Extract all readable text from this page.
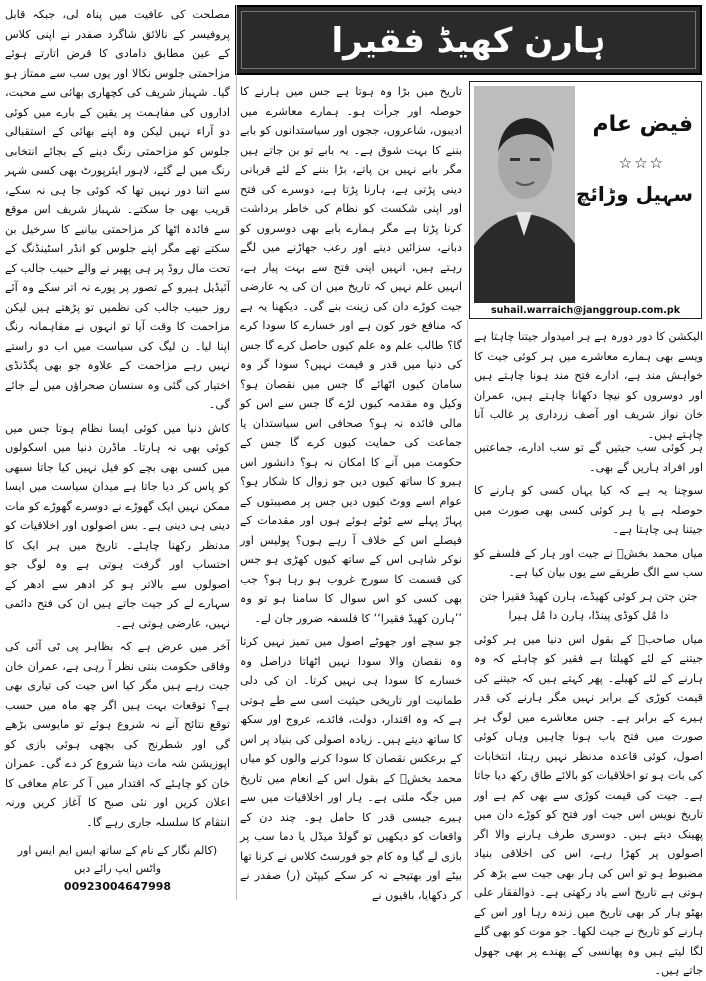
ہارن کھیڈ فقیرا
فیض عام
☆☆☆
سہیل وڑائچ
suhail.warraich@janggroup.com.pk

الیکشن کا دور دورہ ہے ہر امیدوار جیتنا چاہتا ہے ویسے بھی ہمارے معاشرے میں ہر کوئی جیت کا خواہش مند ہے، ادارے فتح مند ہونا چاہتے ہیں اور دوسروں کو نیچا دکھانا چاہتے ہیں، عمران خان نواز شریف اور آصف زرداری پر غالب آنا چاہتے ہیں۔

ہر کوئی سب جیتیں گے تو سب ادارے، جماعتیں اور افراد ہاریں گے بھی۔

سوچنا یہ ہے کہ کیا یہاں کسی کو ہارنے کا حوصلہ ہے یا ہر کوئی کسی بھی صورت میں جیتنا ہی چاہتا ہے۔

میاں محمد بخشؒ نے جیت اور ہار کے فلسفے کو سب سے الگ طریقے سے یوں بیان کیا ہے۔

جتن جتن ہر کوئی کھیڈے، ہارن کھیڈ فقیرا جتن دا مُل کوڈی پینڈا، ہارن دا مُل ہیرا

میاں صاحبؒ کے بقول اس دنیا میں ہر کوئی جیتنے کے لئے کھیلتا ہے فقیر کو چاہئے کہ وہ ہارنے کے لئے کھیلے۔ پھر کہتے ہیں کہ جیتنے کی قیمت کوڑی کے برابر نہیں مگر ہارنے کی قدر ہیرے کے برابر ہے۔ جس معاشرے میں لوگ ہر صورت میں فتح یاب ہونا چاہیں وہاں کوئی اصول، کوئی قاعدہ مدنظر نہیں رہتا، انتخابات کی بات ہو تو اخلاقیات کو بالائے طاق رکھ دیا جاتا ہے۔ جیت کی قیمت کوڑی سے بھی کم ہے اور تاریخ نویس اس جیت اور فتح کو کوڑے دان میں پھینک دیتے ہیں۔ دوسری طرف ہارنے والا اگر اصولوں پر کھڑا رہے، اس کی اخلاقی بنیاد مضبوط ہو تو اس کی ہار بھی جیت سے بڑھ کر ہوتی ہے تاریخ اسے یاد رکھتی ہے۔ ذوالفقار علی بھٹو ہار کر بھی تاریخ میں زندہ رہا اور اس کے ہارنے کو تاریخ نے جیت لکھا۔ جو موت کو بھی گلے لگا لیتے ہیں وہ پھانسی کے پھندے پر بھی جھول جاتے ہیں۔

تاریخ میں بڑا وہ ہوتا ہے جس میں ہارنے کا حوصلہ اور جرأت ہو۔ ہمارے معاشرے میں ادیبوں، شاعروں، ججوں اور سیاستدانوں کو بابے بننے کا بہت شوق ہے۔ یہ بابے تو بن جاتے ہیں مگر بابے نہیں بن پاتے، بڑا بننے کے لئے قربانی دینی پڑتی ہے، ہارنا پڑتا ہے، دوسرے کی فتح اور اپنی شکست کو نظام کی خاطر برداشت کرنا پڑتا ہے مگر ہمارے بابے بھی دوسروں کو دبانے، سزائیں دینے اور رعب جھاڑنے میں لگے رہتے ہیں، انہیں اپنی فتح سے بہت پیار ہے، انہیں علم نہیں کہ تاریخ میں ان کی یہ عارضی جیت کوڑے دان کی زینت بنے گی۔ دیکھنا یہ ہے کہ منافع خور کون ہے اور خسارے کا سودا کرے گا؟ طالب علم وہ علم کیوں حاصل کرے گا جس کی دنیا میں قدر و قیمت نہیں؟ سودا گر وہ سامان کیوں اٹھائے گا جس میں نقصان ہو؟ وکیل وہ مقدمہ کیوں لڑے گا جس سے اس کو مالی فائدہ نہ ہو؟ صحافی اس سیاستدان یا جماعت کی حمایت کیوں کرے گا جس کے حکومت میں آنے کا امکان نہ ہو؟ دانشور اس ہیرو کا ساتھ کیوں دیں جو زوال کا شکار ہو؟ عوام اسے ووٹ کیوں دیں جس پر مصیبتوں کے پہاڑ پہلے سے ٹوٹے ہوئے ہوں اور مقدمات کے فیصلے اس کے خلاف آ رہے ہوں؟ پولیس اور نوکر شاہی اس کے ساتھ کیوں کھڑی ہو جس کی قسمت کا سورج غروب ہو رہا ہو؟ جب بھی کسی کو اس سوال کا سامنا ہو تو وہ ’’ہارن کھیڈ فقیرا‘‘ کا فلسفہ ضرور جان لے۔

جو سچے اور جھوٹے اصول میں تمیز نہیں کرتا وہ نقصان والا سودا نہیں اٹھاتا دراصل وہ خسارے کا سودا ہی نہیں کرتا۔ ان کی دلی طمانیت اور تاریخی حیثیت اسی سے طے ہوتی ہے کہ وہ اقتدار، دولت، فائدے، عروج اور سکھ کا ساتھ دیتے ہیں۔ زیادہ اصولی کی بنیاد پر اس کے برعکس نقصان کا سودا کرنے والوں کو میاں محمد بخشؒ کے بقول اس کے انعام میں تاریخ میں جگہ ملتی ہے۔ ہار اور اخلاقیات میں سے ہیرے جیسی قدر کا حامل ہو۔ چند دن کے واقعات کو دیکھیں تو گولڈ میڈل یا دما سب پر بازی لے گیا وہ کام جو فورسٹ کلاس نے کرنا تھا بیٹے اور بھتیجے نہ کر سکے کیپٹن (ر) صفدر نے کر دکھایا، باقیوں نے

مصلحت کی عافیت میں پناہ لی، جبکہ قابل پروفیسر کے نالائق شاگرد صفدر نے اپنی کلاس کے عین مطابق دامادی کا قرض اتارتے ہوئے مزاحمتی جلوس نکالا اور یوں سب سے ممتاز ہو گیا۔ شہباز شریف کی کچھاری بھائی سے محبت، اداروں کی مفاہمت پر یقین کے بارے میں کوئی دو آراء نہیں لیکن وہ اپنے بھائی کے استقبالی جلوس کو مزاحمتی رنگ دینے کے بجائے انتخابی رنگ میں لے گئے، لاہور ایئرپورٹ بھی کسی شہر سے اتنا دور نہیں تھا کہ کوئی جا ہی نہ سکے، قریب بھی جا سکتے۔ شہباز شریف اس موقع سے فائدہ اٹھا کر مزاحمتی بیانیے کا سرخیل بن سکتے تھے مگر اپنے جلوس کو انڈر اسٹینڈنگ کے تحت مال روڈ پر ہی پھیر نے والے حبیب جالب کے آئیڈیل ہیرو کے تصور پر پورے نہ اتر سکے وہ آئے روز حبیب جالب کی نظمیں تو پڑھتے ہیں لیکن مزاحمت کا وقت آیا تو انہوں نے مفاہمانہ رنگ اپنا لیا۔ ن لیگ کی سیاست میں اب دو راستے نہیں رہے مزاحمت کے علاوہ جو بھی پگڈنڈی اختیار کی گئی وہ سنسان صحراؤں میں لے جائے گی۔

کاش دنیا میں کوئی ایسا نظام ہوتا جس میں کوئی بھی نہ ہارتا۔ ماڈرن دنیا میں اسکولوں میں کسی بھی بچے کو فیل نہیں کیا جاتا سبھی کو پاس کر دیا جاتا ہے میدان سیاست میں ایسا ممکن نہیں ایک گھوڑے نے دوسرے گھوڑے کو مات دینی ہی دینی ہے۔ بس اصولوں اور اخلاقیات کو مدنظر رکھنا چاہئے۔ تاریخ میں ہر ایک کا احتساب اور گرفت ہوتی ہے وہ لوگ جو اصولوں سے بالاتر ہو کر ادھر سے ادھر کے سہارے لے کر جیت جاتے ہیں ان کی فتح دائمی نہیں، عارضی ہوتی ہے۔

آخر میں عرض ہے کہ بظاہر پی ٹی آئی کی وفاقی حکومت بنتی نظر آ رہی ہے، عمران خان جیت رہے ہیں مگر کیا اس جیت کی تیاری بھی ہے؟ توقعات بہت ہیں اگر چھ ماہ میں حسب توقع نتائج آنے نہ شروع ہوئے تو مایوسی بڑھے گی اور شطرنج کی بچھی ہوئی بازی کو اپوزیشن شہ مات دینا شروع کر دے گی۔ عمران خان کو چاہئے کہ اقتدار میں آ کر عام معافی کا اعلان کریں اور نئی صبح کا آغاز کریں ورنہ انتقام کا سلسلہ جاری رہے گا۔

(کالم نگار کے نام کے ساتھ ایس ایم ایس اور واٹس ایپ رائے دیں
00923004647998
